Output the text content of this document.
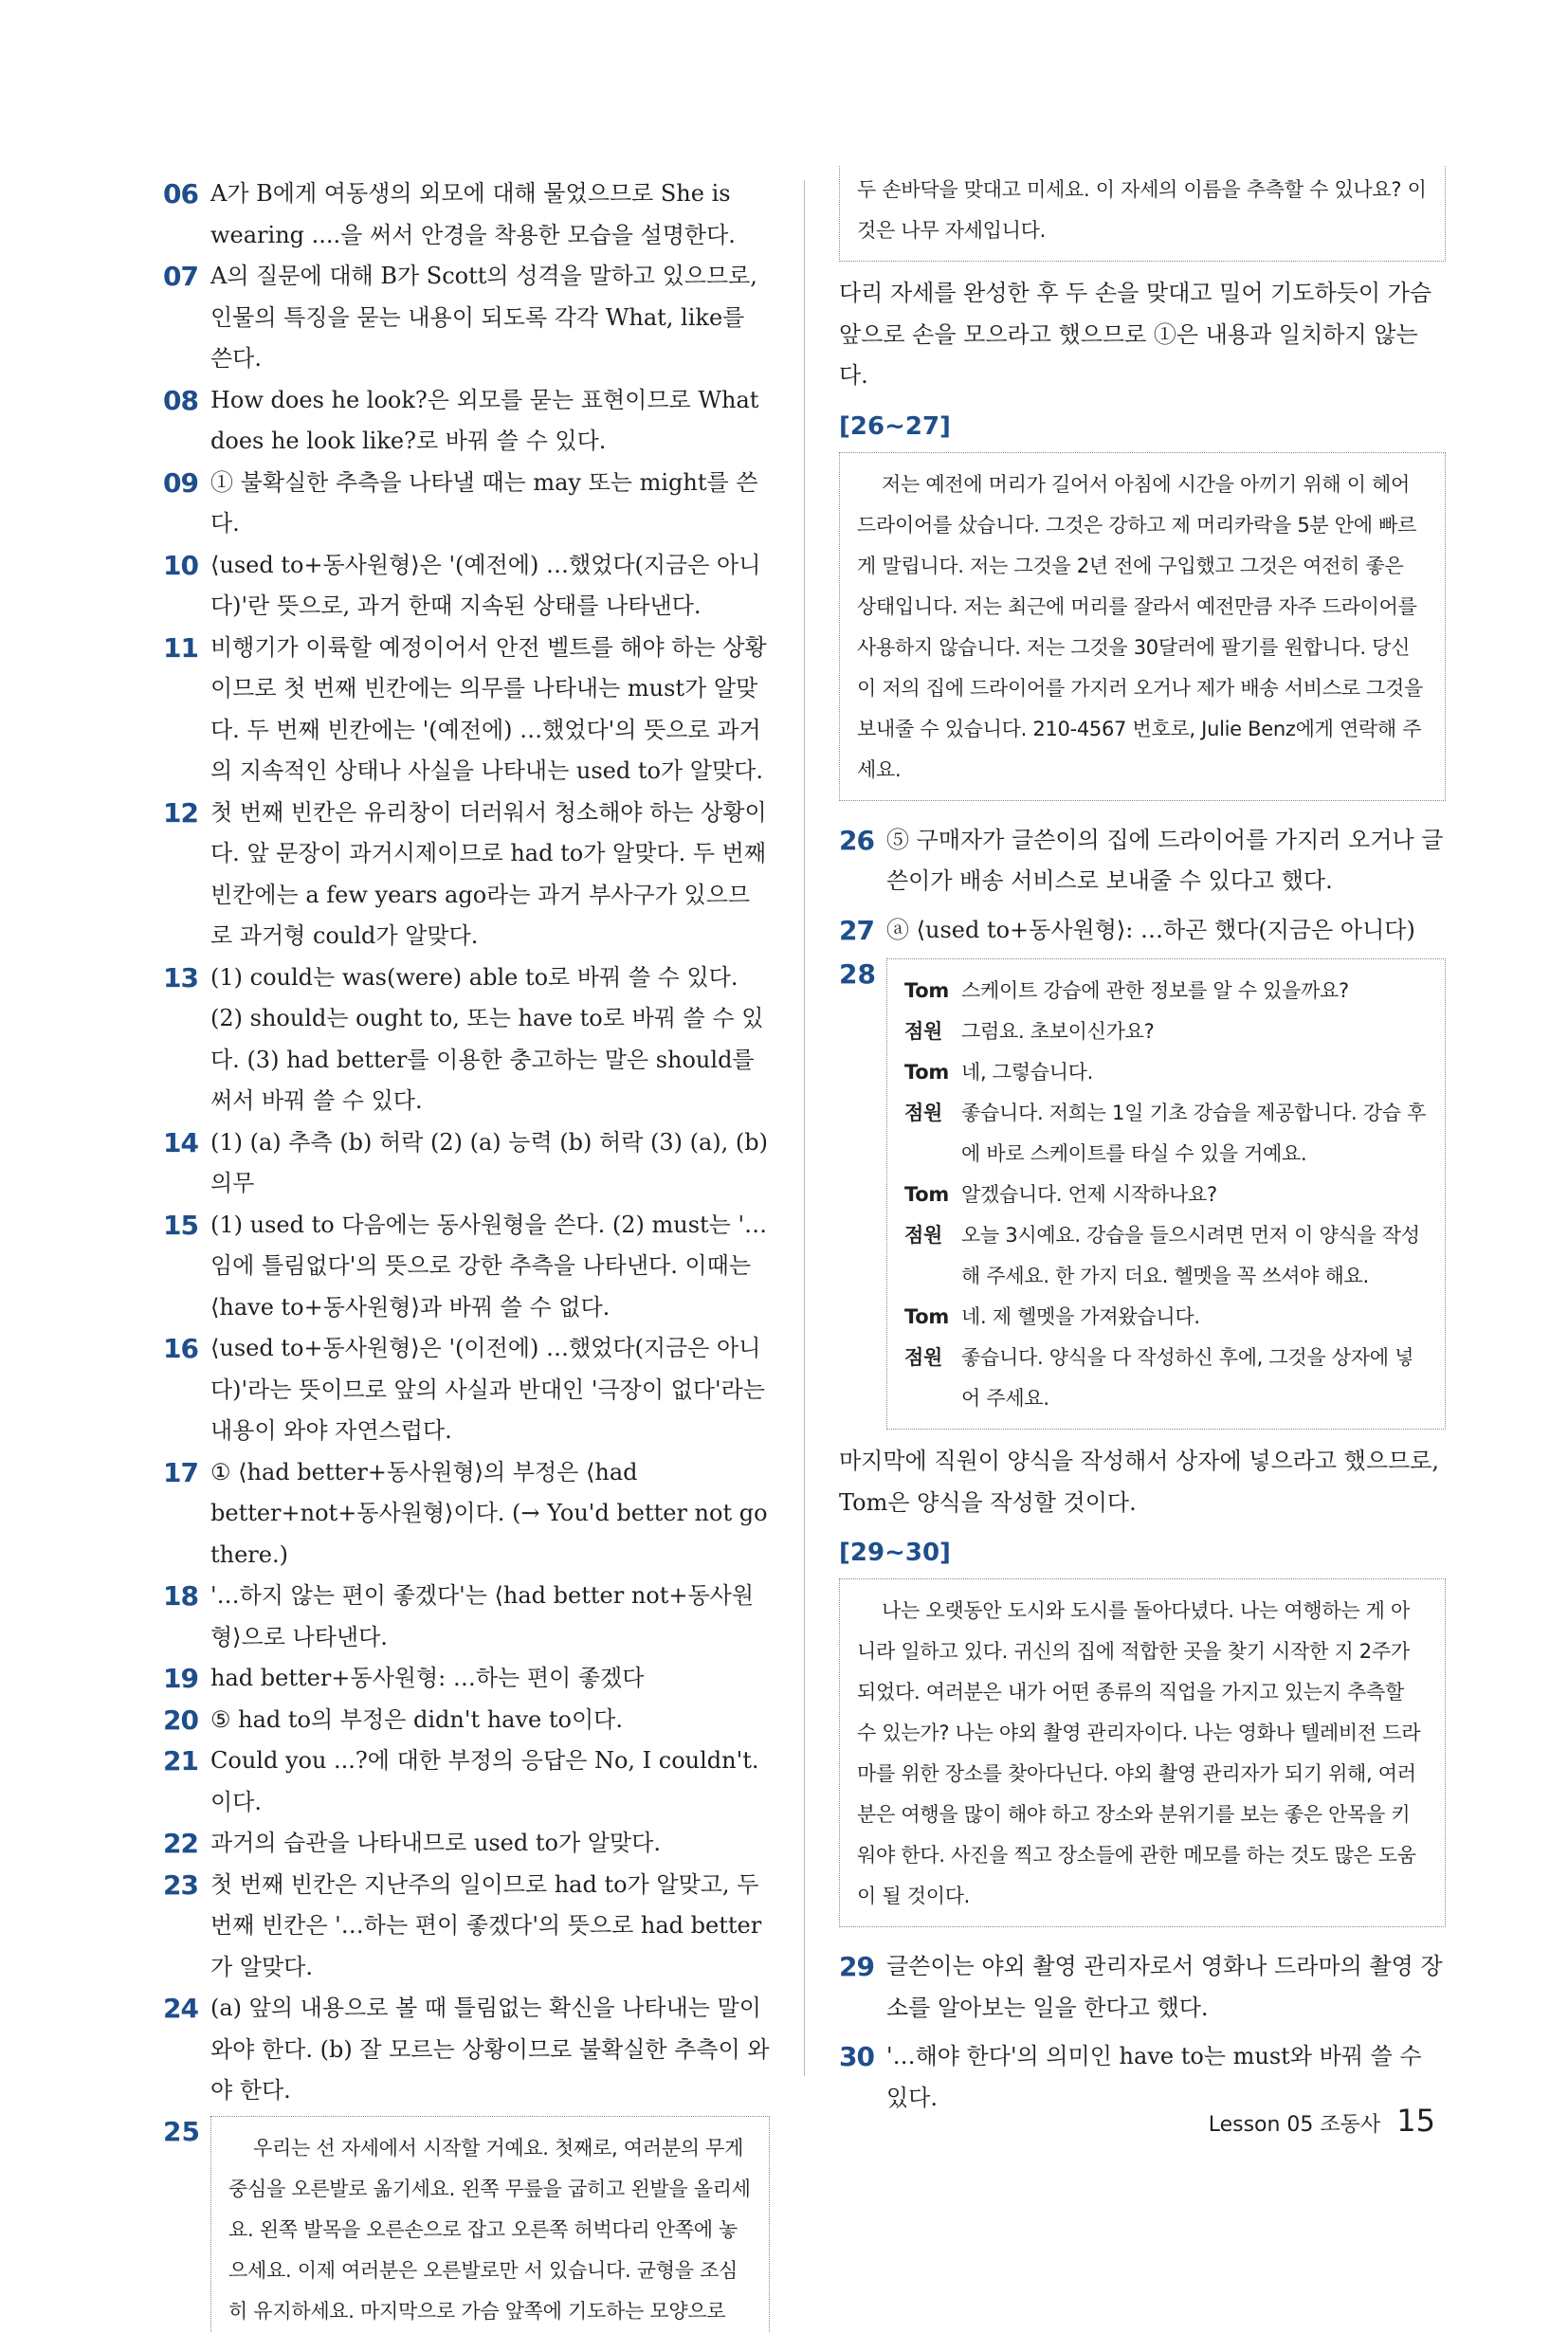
06 A가 B에게 여동생의 외모에 대해 물었으므로 She is wearing ....을 써서 안경을 착용한 모습을 설명한다.
07 A의 질문에 대해 B가 Scott의 성격을 말하고 있으므로, 인물의 특징을 묻는 내용이 되도록 각각 What, like를 쓴다.
08 How does he look?은 외모를 묻는 표현이므로 What does he look like?로 바꿔 쓸 수 있다.
09 ① 불확실한 추측을 나타낼 때는 may 또는 might를 쓴다.
10 ⟨used to+동사원형⟩은 '(예전에) …했었다(지금은 아니다)'란 뜻으로, 과거 한때 지속된 상태를 나타낸다.
11 비행기가 이륙할 예정이어서 안전 벨트를 해야 하는 상황이므로 첫 번째 빈칸에는 의무를 나타내는 must가 알맞다. 두 번째 빈칸에는 '(예전에) …했었다'의 뜻으로 과거의 지속적인 상태나 사실을 나타내는 used to가 알맞다.
12 첫 번째 빈칸은 유리창이 더러워서 청소해야 하는 상황이다. 앞 문장이 과거시제이므로 had to가 알맞다. 두 번째 빈칸에는 a few years ago라는 과거 부사구가 있으므로 과거형 could가 알맞다.
13 (1) could는 was(were) able to로 바꿔 쓸 수 있다. (2) should는 ought to, 또는 have to로 바꿔 쓸 수 있다. (3) had better를 이용한 충고하는 말은 should를 써서 바꿔 쓸 수 있다.
14 (1) (a) 추측 (b) 허락 (2) (a) 능력 (b) 허락 (3) (a), (b) 의무
15 (1) used to 다음에는 동사원형을 쓴다. (2) must는 '…임에 틀림없다'의 뜻으로 강한 추측을 나타낸다. 이때는 ⟨have to+동사원형⟩과 바꿔 쓸 수 없다.
16 ⟨used to+동사원형⟩은 '(이전에) …했었다(지금은 아니다)'라는 뜻이므로 앞의 사실과 반대인 '극장이 없다'라는 내용이 와야 자연스럽다.
17 ① ⟨had better+동사원형⟩의 부정은 ⟨had better+not+동사원형⟩이다. (→ You'd better not go there.)
18 '…하지 않는 편이 좋겠다'는 ⟨had better not+동사원형⟩으로 나타낸다.
19 had better+동사원형: …하는 편이 좋겠다
20 ⑤ had to의 부정은 didn't have to이다.
21 Could you ...?에 대한 부정의 응답은 No, I couldn't.이다.
22 과거의 습관을 나타내므로 used to가 알맞다.
23 첫 번째 빈칸은 지난주의 일이므로 had to가 알맞고, 두 번째 빈칸은 '…하는 편이 좋겠다'의 뜻으로 had better가 알맞다.
24 (a) 앞의 내용으로 볼 때 틀림없는 확신을 나타내는 말이 와야 한다. (b) 잘 모르는 상황이므로 불확실한 추측이 와야 한다.
25

우리는 선 자세에서 시작할 거예요. 첫째로, 여러분의 무게 중심을 오른발로 옮기세요. 왼쪽 무릎을 굽히고 왼발을 올리세요. 왼쪽 발목을 오른손으로 잡고 오른쪽 허벅다리 안쪽에 놓으세요. 이제 여러분은 오른발로만 서 있습니다. 균형을 조심히 유지하세요. 마지막으로 가슴 앞쪽에 기도하는 모양으로

두 손바닥을 맞대고 미세요. 이 자세의 이름을 추측할 수 있나요? 이것은 나무 자세입니다.

다리 자세를 완성한 후 두 손을 맞대고 밀어 기도하듯이 가슴 앞으로 손을 모으라고 했으므로 ①은 내용과 일치하지 않는다.
[26~27]

저는 예전에 머리가 길어서 아침에 시간을 아끼기 위해 이 헤어드라이어를 샀습니다. 그것은 강하고 제 머리카락을 5분 안에 빠르게 말립니다. 저는 그것을 2년 전에 구입했고 그것은 여전히 좋은 상태입니다. 저는 최근에 머리를 잘라서 예전만큼 자주 드라이어를 사용하지 않습니다. 저는 그것을 30달러에 팔기를 원합니다. 당신이 저의 집에 드라이어를 가지러 오거나 제가 배송 서비스로 그것을 보내줄 수 있습니다. 210-4567 번호로, Julie Benz에게 연락해 주세요.

26 ⑤ 구매자가 글쓴이의 집에 드라이어를 가지러 오거나 글쓴이가 배송 서비스로 보내줄 수 있다고 했다.
27 ⓐ ⟨used to+동사원형⟩: …하곤 했다(지금은 아니다)
28
Tom 스케이트 강습에 관한 정보를 알 수 있을까요?
점원 그럼요. 초보이신가요?
Tom 네, 그렇습니다.
점원 좋습니다. 저희는 1일 기초 강습을 제공합니다. 강습 후에 바로 스케이트를 타실 수 있을 거예요.
Tom 알겠습니다. 언제 시작하나요?
점원 오늘 3시예요. 강습을 들으시려면 먼저 이 양식을 작성해 주세요. 한 가지 더요. 헬멧을 꼭 쓰셔야 해요.
Tom 네. 제 헬멧을 가져왔습니다.
점원 좋습니다. 양식을 다 작성하신 후에, 그것을 상자에 넣어 주세요.
마지막에 직원이 양식을 작성해서 상자에 넣으라고 했으므로, Tom은 양식을 작성할 것이다.
[29~30]

나는 오랫동안 도시와 도시를 돌아다녔다. 나는 여행하는 게 아니라 일하고 있다. 귀신의 집에 적합한 곳을 찾기 시작한 지 2주가 되었다. 여러분은 내가 어떤 종류의 직업을 가지고 있는지 추측할 수 있는가? 나는 야외 촬영 관리자이다. 나는 영화나 텔레비전 드라마를 위한 장소를 찾아다닌다. 야외 촬영 관리자가 되기 위해, 여러분은 여행을 많이 해야 하고 장소와 분위기를 보는 좋은 안목을 키워야 한다. 사진을 찍고 장소들에 관한 메모를 하는 것도 많은 도움이 될 것이다.

29 글쓴이는 야외 촬영 관리자로서 영화나 드라마의 촬영 장소를 알아보는 일을 한다고 했다.
30 '…해야 한다'의 의미인 have to는 must와 바꿔 쓸 수 있다.
Lesson 05 조동사 15
